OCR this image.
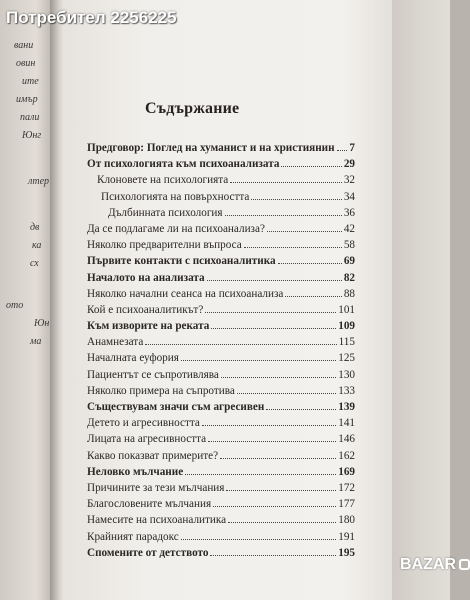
вани
овин
ите
имър
пали
Юнг
лтер
дв
ка
сх
ото
Юн
ма
Съдържание
Предговор: Поглед на хуманист и на християнин 7
От психологията към психоанализата	29
Клоновете на психологията	32
Психологията на повърхността	34
Дълбинната психология	36
Да се подлагаме ли на психоанализа?	42
Няколко предварителни въпроса	58
Първите контакти с психоаналитика	69
Началото на анализата	82
Няколко начални сеанса на психоанализа	88
Кой е психоаналитикът?	101
Към изворите на реката	109
Анамнезата	115
Началната еуфория	125
Пациентът се съпротивлява	130
Няколко примера на съпротива	133
Съществувам значи съм агресивен	139
Детето и агресивността	141
Лицата на агресивността	146
Какво показват примерите?	162
Неловко мълчание	169
Причините за тези мълчания	172
Благословените мълчания	177
Намесите на психоаналитика	180
Крайният парадокс	191
Спомените от детството	195
Потребител 2256225
BAZAR
